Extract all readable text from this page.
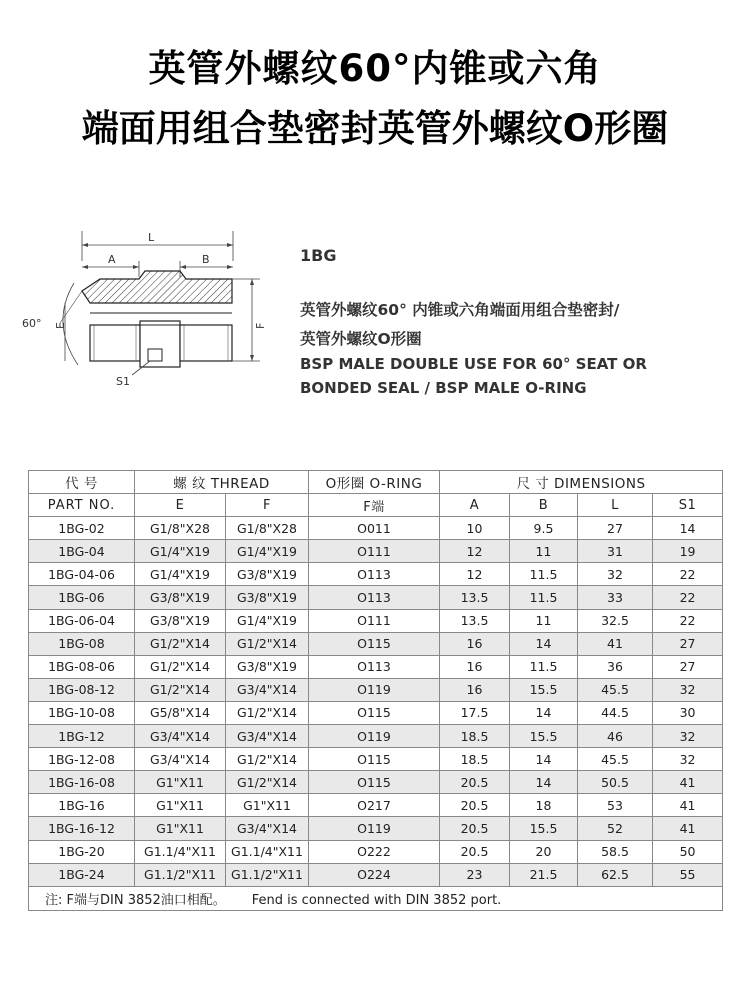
英管外螺纹60°内锥或六角
端面用组合垫密封英管外螺纹O形圈
L
A	B
S1
E	F
60°
1BG
英管外螺纹60° 内锥或六角端面用组合垫密封/
英管外螺纹O形圈
BSP MALE DOUBLE USE FOR 60° SEAT OR
BONDED SEAL / BSP MALE O-RING
代 号	螺 纹 THREAD		O形圈 O-RING	尺 寸 DIMENSIONS			
PART NO.	E	F	F端	A	B	L	S1
1BG-02	G1/8"X28	G1/8"X28	O011	10	9.5	27	14
1BG-04	G1/4"X19	G1/4"X19	O111	12	11	31	19
1BG-04-06	G1/4"X19	G3/8"X19	O113	12	11.5	32	22
1BG-06	G3/8"X19	G3/8"X19	O113	13.5	11.5	33	22
1BG-06-04	G3/8"X19	G1/4"X19	O111	13.5	11	32.5	22
1BG-08	G1/2"X14	G1/2"X14	O115	16	14	41	27
1BG-08-06	G1/2"X14	G3/8"X19	O113	16	11.5	36	27
1BG-08-12	G1/2"X14	G3/4"X14	O119	16	15.5	45.5	32
1BG-10-08	G5/8"X14	G1/2"X14	O115	17.5	14	44.5	30
1BG-12	G3/4"X14	G3/4"X14	O119	18.5	15.5	46	32
1BG-12-08	G3/4"X14	G1/2"X14	O115	18.5	14	45.5	32
1BG-16-08	G1"X11	G1/2"X14	O115	20.5	14	50.5	41
1BG-16	G1"X11	G1"X11	O217	20.5	18	53	41
1BG-16-12	G1"X11	G3/4"X14	O119	20.5	15.5	52	41
1BG-20	G1.1/4"X11	G1.1/4"X11	O222	20.5	20	58.5	50
1BG-24	G1.1/2"X11	G1.1/2"X11	O224	23	21.5	62.5	55
注: F端与DIN 3852油口相配。 Fend is connected with DIN 3852 port.							
